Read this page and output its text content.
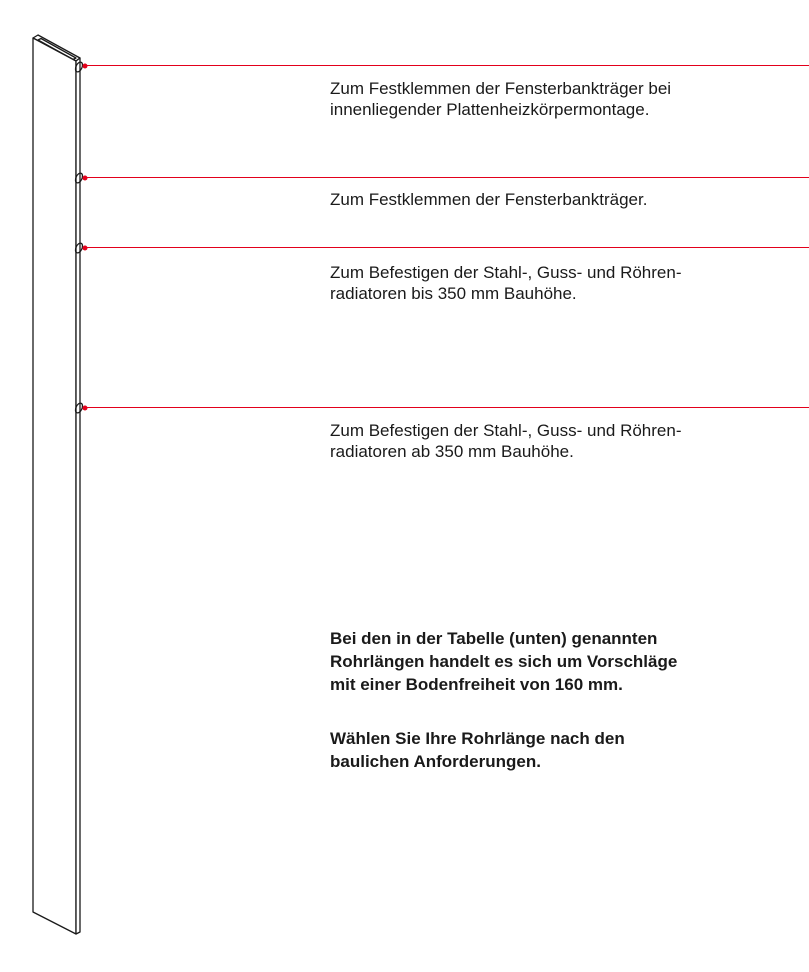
Zum Festklemmen der Fensterbankträger bei
innenliegender Plattenheizkörpermontage.

Zum Festklemmen der Fensterbankträger.

Zum Befestigen der Stahl-, Guss- und Röhren-
radiatoren bis 350 mm Bauhöhe.

Zum Befestigen der Stahl-, Guss- und Röhren-
radiatoren ab 350 mm Bauhöhe.

Bei den in der Tabelle (unten) genannten
Rohrlängen handelt es sich um Vorschläge
mit einer Bodenfreiheit von 160 mm.

Wählen Sie Ihre Rohrlänge nach den
baulichen Anforderungen.
